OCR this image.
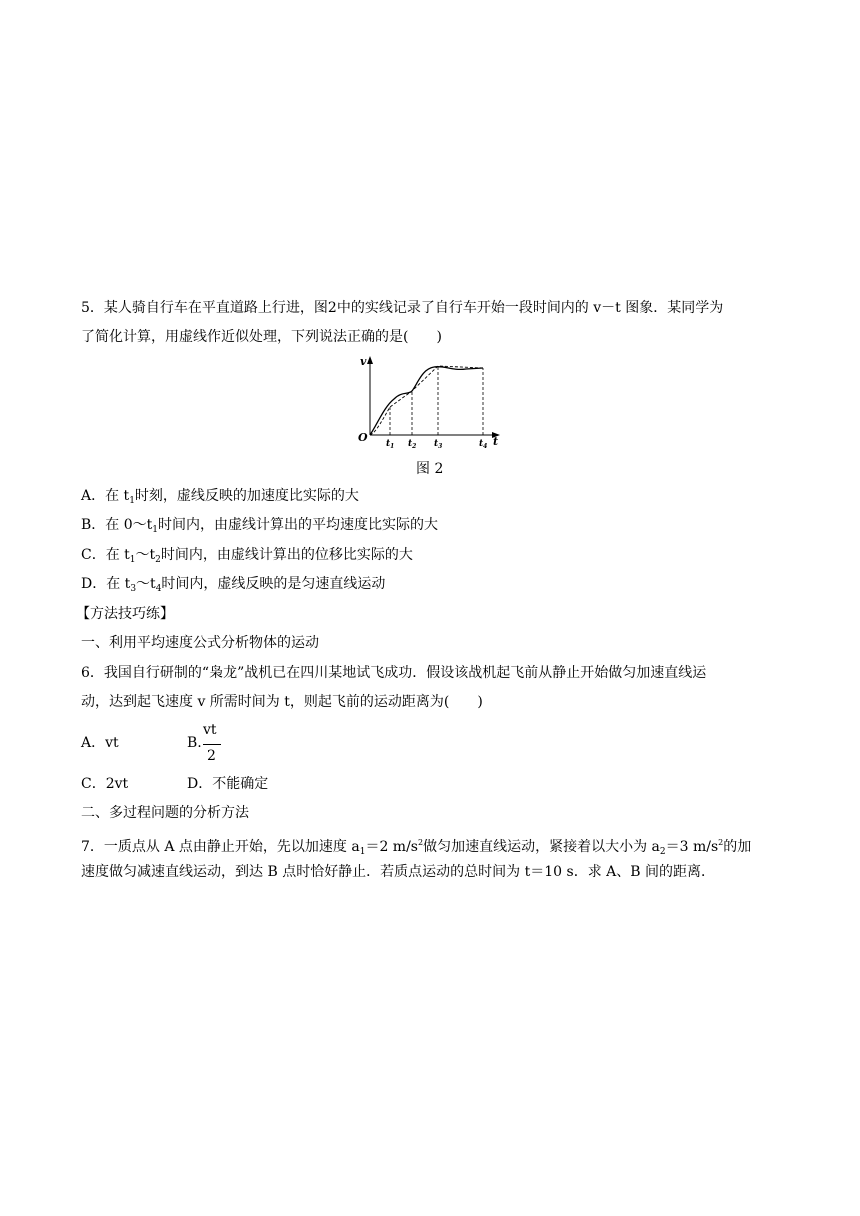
5．某人骑自行车在平直道路上行进，图2中的实线记录了自行车开始一段时间内的 v－t 图象．某同学为
了简化计算，用虚线作近似处理，下列说法正确的是(　　)
v
t
O $t_1$ $t_2$ $t_3$	$t_4$
图 2
A．在 $t_1$时刻，虚线反映的加速度比实际的大
B．在 $0\sim t_1$时间内，由虚线计算出的平均速度比实际的大
C．在 $t_1\sim t_2$时间内，由虚线计算出的位移比实际的大
D．在 $t_3\sim t_4$时间内，虚线反映的是匀速直线运动
【方法技巧练】
一、利用平均速度公式分析物体的运动
6．我国自行研制的“枭龙”战机已在四川某地试飞成功．假设该战机起飞前从静止开始做匀加速直线运
动，达到起飞速度 v 所需时间为 t，则起飞前的运动距离为(　　)
A．vt	B.
vt
2
C．2vt	D．不能确定
二、多过程问题的分析方法
7．一质点从 A 点由静止开始，先以加速度 $a_1=2$ $m/s^2$做匀加速直线运动，紧接着以大小为 $a_2=3$ $m/s^2$的加
速度做匀减速直线运动，到达 B 点时恰好静止．若质点运动的总时间为 t＝10 s．求 A、B 间的距离．
